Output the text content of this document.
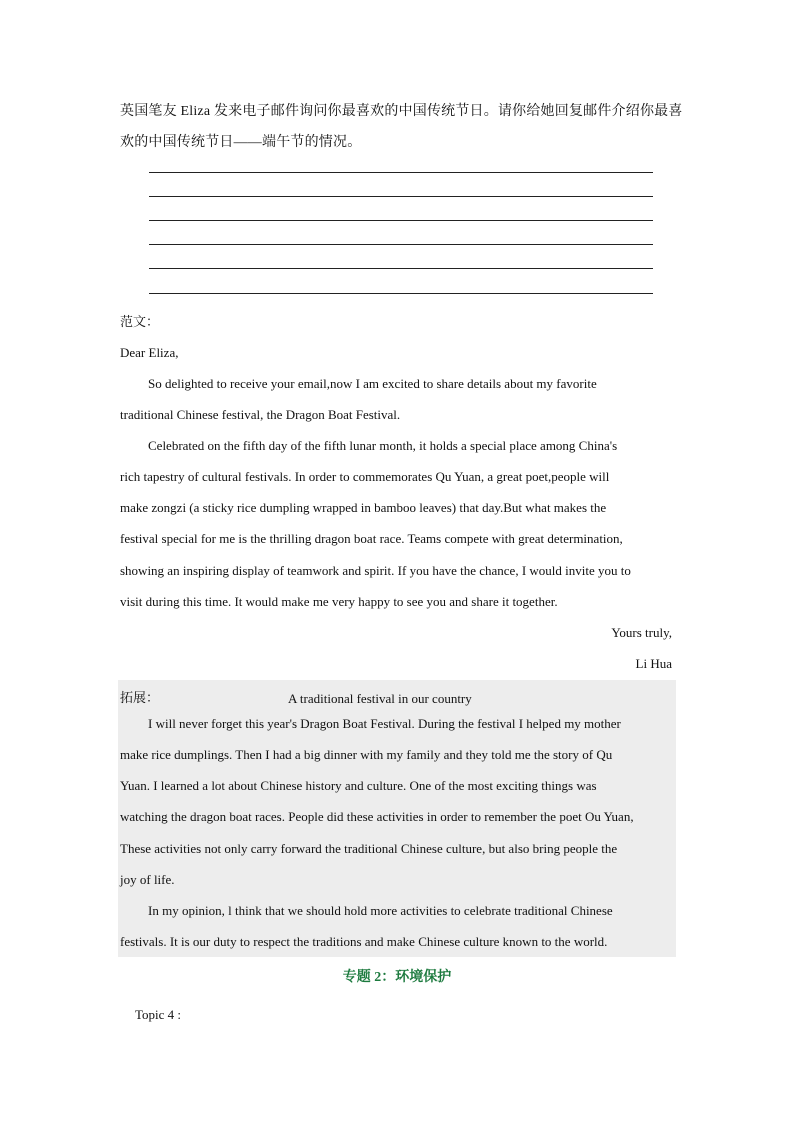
英国笔友 Eliza 发来电子邮件询问你最喜欢的中国传统节日。请你给她回复邮件介绍你最喜
欢的中国传统节日——端午节的情况。
范文：
Dear Eliza,
So delighted to receive your email,now I am excited to share details about my favorite
traditional Chinese festival, the Dragon Boat Festival.
Celebrated on the fifth day of the fifth lunar month, it holds a special place among China's
rich tapestry of cultural festivals. In order to commemorates Qu Yuan, a great poet,people will
make zongzi (a sticky rice dumpling wrapped in bamboo leaves) that day.But what makes the
festival special for me is the thrilling dragon boat race. Teams compete with great determination,
showing an inspiring display of teamwork and spirit. If you have the chance, I would invite you to
visit during this time. It would make me very happy to see you and share it together.
Yours truly,
Li Hua
拓展：	A traditional festival in our country
I will never forget this year's Dragon Boat Festival. During the festival I helped my mother
make rice dumplings. Then I had a big dinner with my family and they told me the story of Qu
Yuan. I learned a lot about Chinese history and culture. One of the most exciting things was
watching the dragon boat races. People did these activities in order to remember the poet Ou Yuan,
These activities not only carry forward the traditional Chinese culture, but also bring people the
joy of life.
In my opinion, l think that we should hold more activities to celebrate traditional Chinese
festivals. It is our duty to respect the traditions and make Chinese culture known to the world.
专题 2：环境保护
Topic 4 :
